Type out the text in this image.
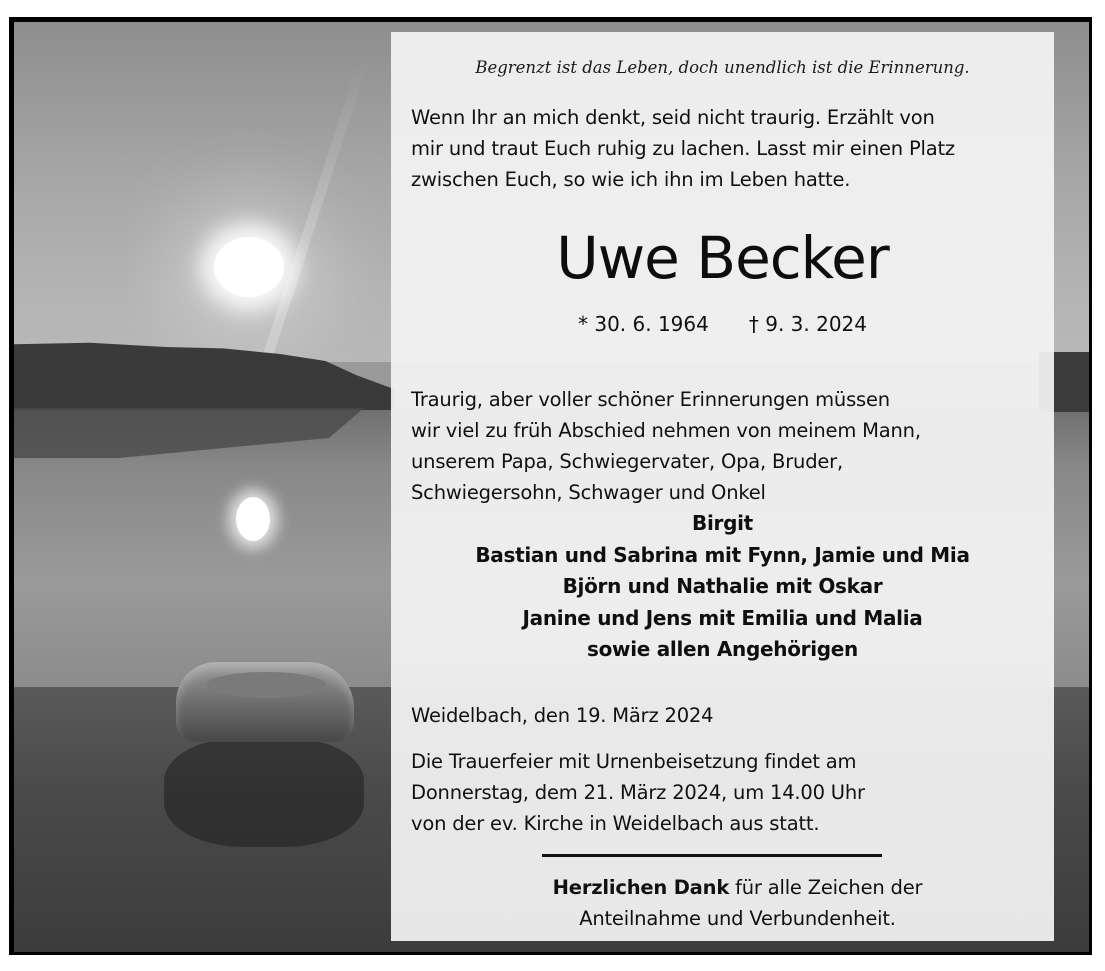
Begrenzt ist das Leben, doch unendlich ist die Erinnerung.
Wenn Ihr an mich denkt, seid nicht traurig. Erzählt von
mir und traut Euch ruhig zu lachen. Lasst mir einen Platz
zwischen Euch, so wie ich ihn im Leben hatte.
Uwe Becker
* 30. 6. 1964 † 9. 3. 2024
Traurig, aber voller schöner Erinnerungen müssen
wir viel zu früh Abschied nehmen von meinem Mann,
unserem Papa, Schwiegervater, Opa, Bruder,
Schwiegersohn, Schwager und Onkel
Birgit
Bastian und Sabrina mit Fynn, Jamie und Mia
Björn und Nathalie mit Oskar
Janine und Jens mit Emilia und Malia
sowie allen Angehörigen
Weidelbach, den 19. März 2024
Die Trauerfeier mit Urnenbeisetzung findet am
Donnerstag, dem 21. März 2024, um 14.00 Uhr
von der ev. Kirche in Weidelbach aus statt.
Herzlichen Dank für alle Zeichen der
Anteilnahme und Verbundenheit.
